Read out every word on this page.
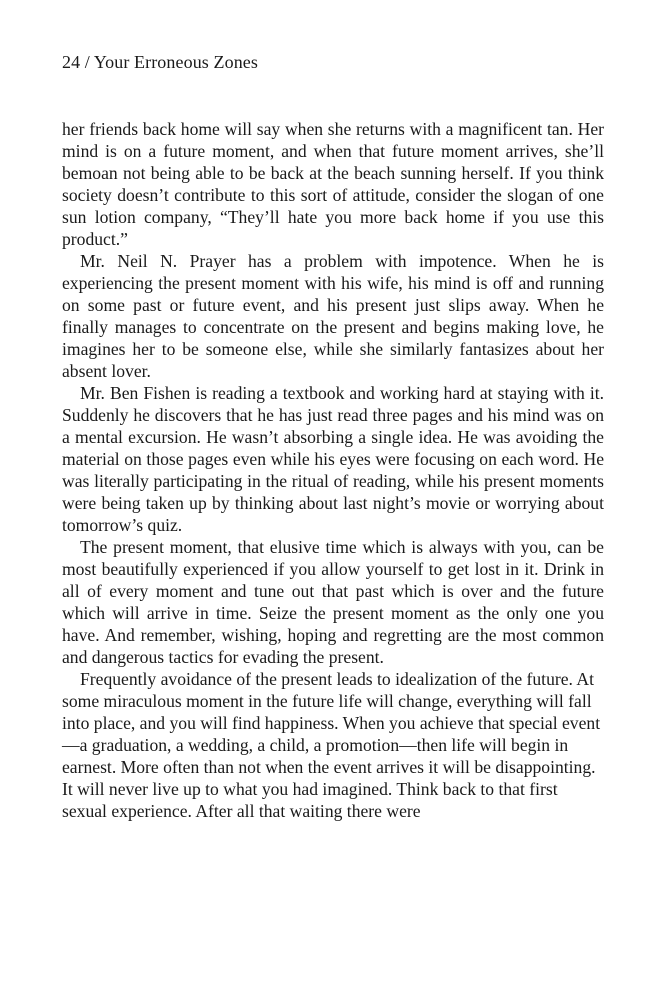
24 / Your Erroneous Zones

her friends back home will say when she returns with a magnificent tan. Her mind is on a future moment, and when that future moment arrives, she’ll bemoan not being able to be back at the beach sunning herself. If you think society doesn’t contribute to this sort of attitude, consider the slogan of one sun lotion company, “They’ll hate you more back home if you use this product.”

Mr. Neil N. Prayer has a problem with impotence. When he is experiencing the present moment with his wife, his mind is off and running on some past or future event, and his present just slips away. When he finally manages to concentrate on the present and begins making love, he imagines her to be someone else, while she similarly fantasizes about her absent lover.

Mr. Ben Fishen is reading a textbook and working hard at staying with it. Suddenly he discovers that he has just read three pages and his mind was on a mental excursion. He wasn’t absorbing a single idea. He was avoiding the material on those pages even while his eyes were focusing on each word. He was literally participating in the ritual of reading, while his present moments were being taken up by thinking about last night’s movie or worrying about tomorrow’s quiz.

The present moment, that elusive time which is always with you, can be most beautifully experienced if you allow yourself to get lost in it. Drink in all of every moment and tune out that past which is over and the future which will arrive in time. Seize the present moment as the only one you have. And remember, wishing, hoping and regretting are the most common and dangerous tactics for evading the present.

Frequently avoidance of the present leads to idealization of the future. At some miraculous moment in the future life will change, everything will fall into place, and you will find happiness. When you achieve that special event—a graduation, a wedding, a child, a promotion—then life will begin in earnest. More often than not when the event arrives it will be disappointing. It will never live up to what you had imagined. Think back to that first sexual experience. After all that waiting there were
